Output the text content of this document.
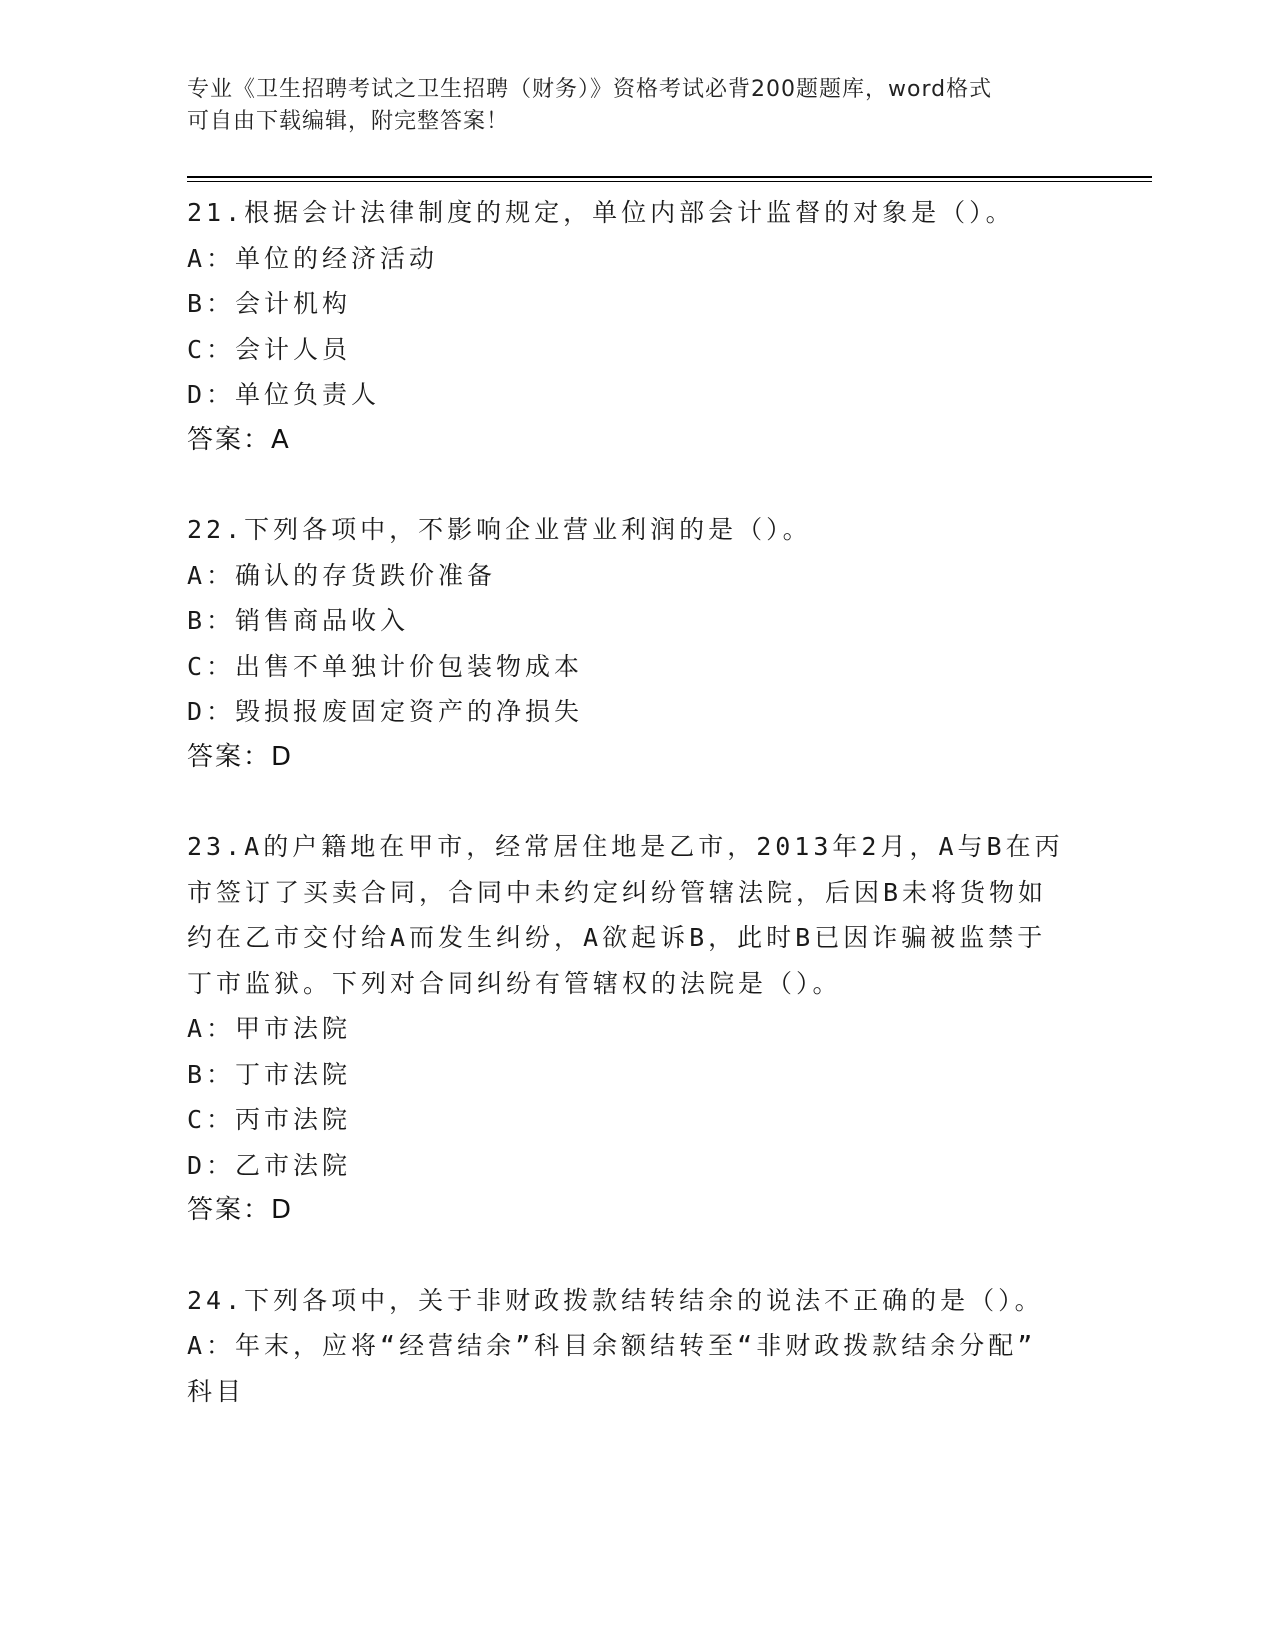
专业《卫生招聘考试之卫生招聘（财务）》资格考试必背200题题库，word格式
可自由下载编辑，附完整答案！
21.根据会计法律制度的规定，单位内部会计监督的对象是（）。
A：单位的经济活动
B：会计机构
C：会计人员
D：单位负责人
答案：A
22.下列各项中，不影响企业营业利润的是（）。
A：确认的存货跌价准备
B：销售商品收入
C：出售不单独计价包装物成本
D：毁损报废固定资产的净损失
答案：D
23.A的户籍地在甲市，经常居住地是乙市，2013年2月，A与B在丙
市签订了买卖合同，合同中未约定纠纷管辖法院，后因B未将货物如
约在乙市交付给A而发生纠纷，A欲起诉B，此时B已因诈骗被监禁于
丁市监狱。下列对合同纠纷有管辖权的法院是（）。
A：甲市法院
B：丁市法院
C：丙市法院
D：乙市法院
答案：D
24.下列各项中，关于非财政拨款结转结余的说法不正确的是（）。
A：年末，应将“经营结余”科目余额结转至“非财政拨款结余分配”
科目
